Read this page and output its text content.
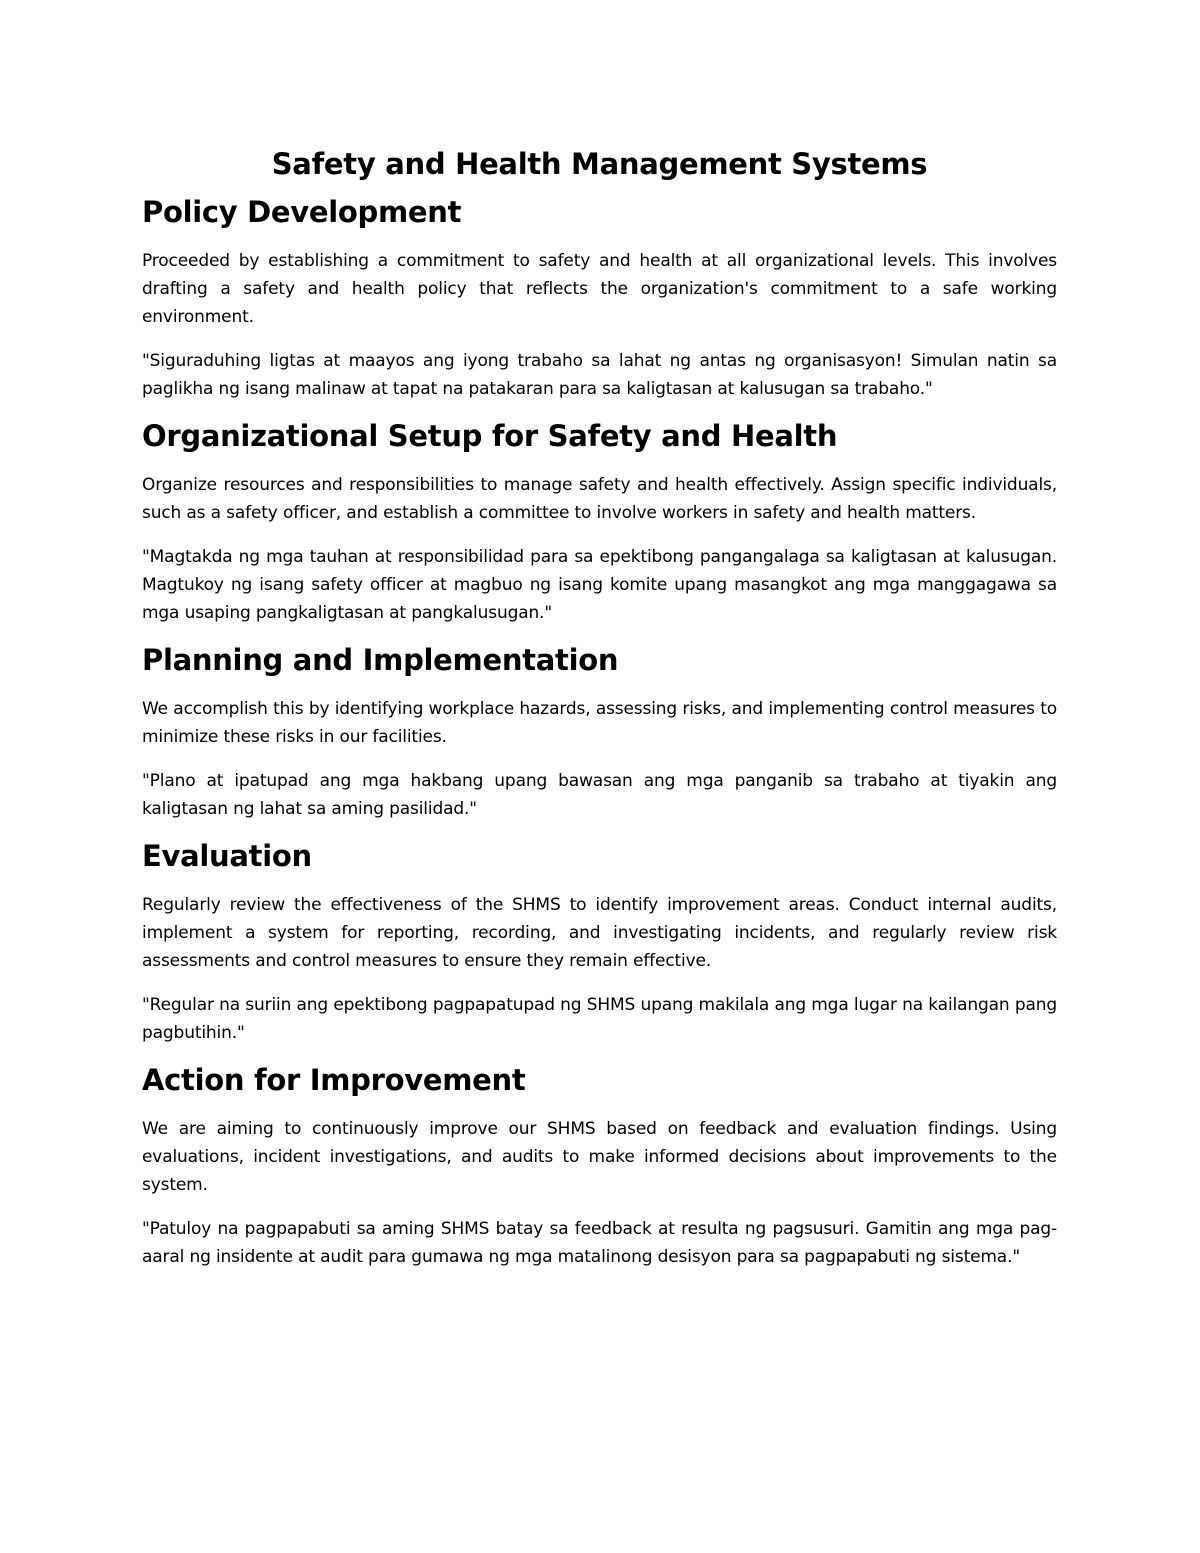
Safety and Health Management Systems
Policy Development

Proceeded by establishing a commitment to safety and health at all organizational levels. This involves drafting a safety and health policy that reflects the organization's commitment to a safe working environment.

"Siguraduhing ligtas at maayos ang iyong trabaho sa lahat ng antas ng organisasyon! Simulan natin sa paglikha ng isang malinaw at tapat na patakaran para sa kaligtasan at kalusugan sa trabaho."

Organizational Setup for Safety and Health

Organize resources and responsibilities to manage safety and health effectively. Assign specific individuals, such as a safety officer, and establish a committee to involve workers in safety and health matters.

"Magtakda ng mga tauhan at responsibilidad para sa epektibong pangangalaga sa kaligtasan at kalusugan. Magtukoy ng isang safety officer at magbuo ng isang komite upang masangkot ang mga manggagawa sa mga usaping pangkaligtasan at pangkalusugan."

Planning and Implementation

We accomplish this by identifying workplace hazards, assessing risks, and implementing control measures to minimize these risks in our facilities.

"Plano at ipatupad ang mga hakbang upang bawasan ang mga panganib sa trabaho at tiyakin ang kaligtasan ng lahat sa aming pasilidad."

Evaluation

Regularly review the effectiveness of the SHMS to identify improvement areas. Conduct internal audits, implement a system for reporting, recording, and investigating incidents, and regularly review risk assessments and control measures to ensure they remain effective.

"Regular na suriin ang epektibong pagpapatupad ng SHMS upang makilala ang mga lugar na kailangan pang pagbutihin."

Action for Improvement

We are aiming to continuously improve our SHMS based on feedback and evaluation findings. Using evaluations, incident investigations, and audits to make informed decisions about improvements to the system.

"Patuloy na pagpapabuti sa aming SHMS batay sa feedback at resulta ng pagsusuri. Gamitin ang mga pag-aaral ng insidente at audit para gumawa ng mga matalinong desisyon para sa pagpapabuti ng sistema."
